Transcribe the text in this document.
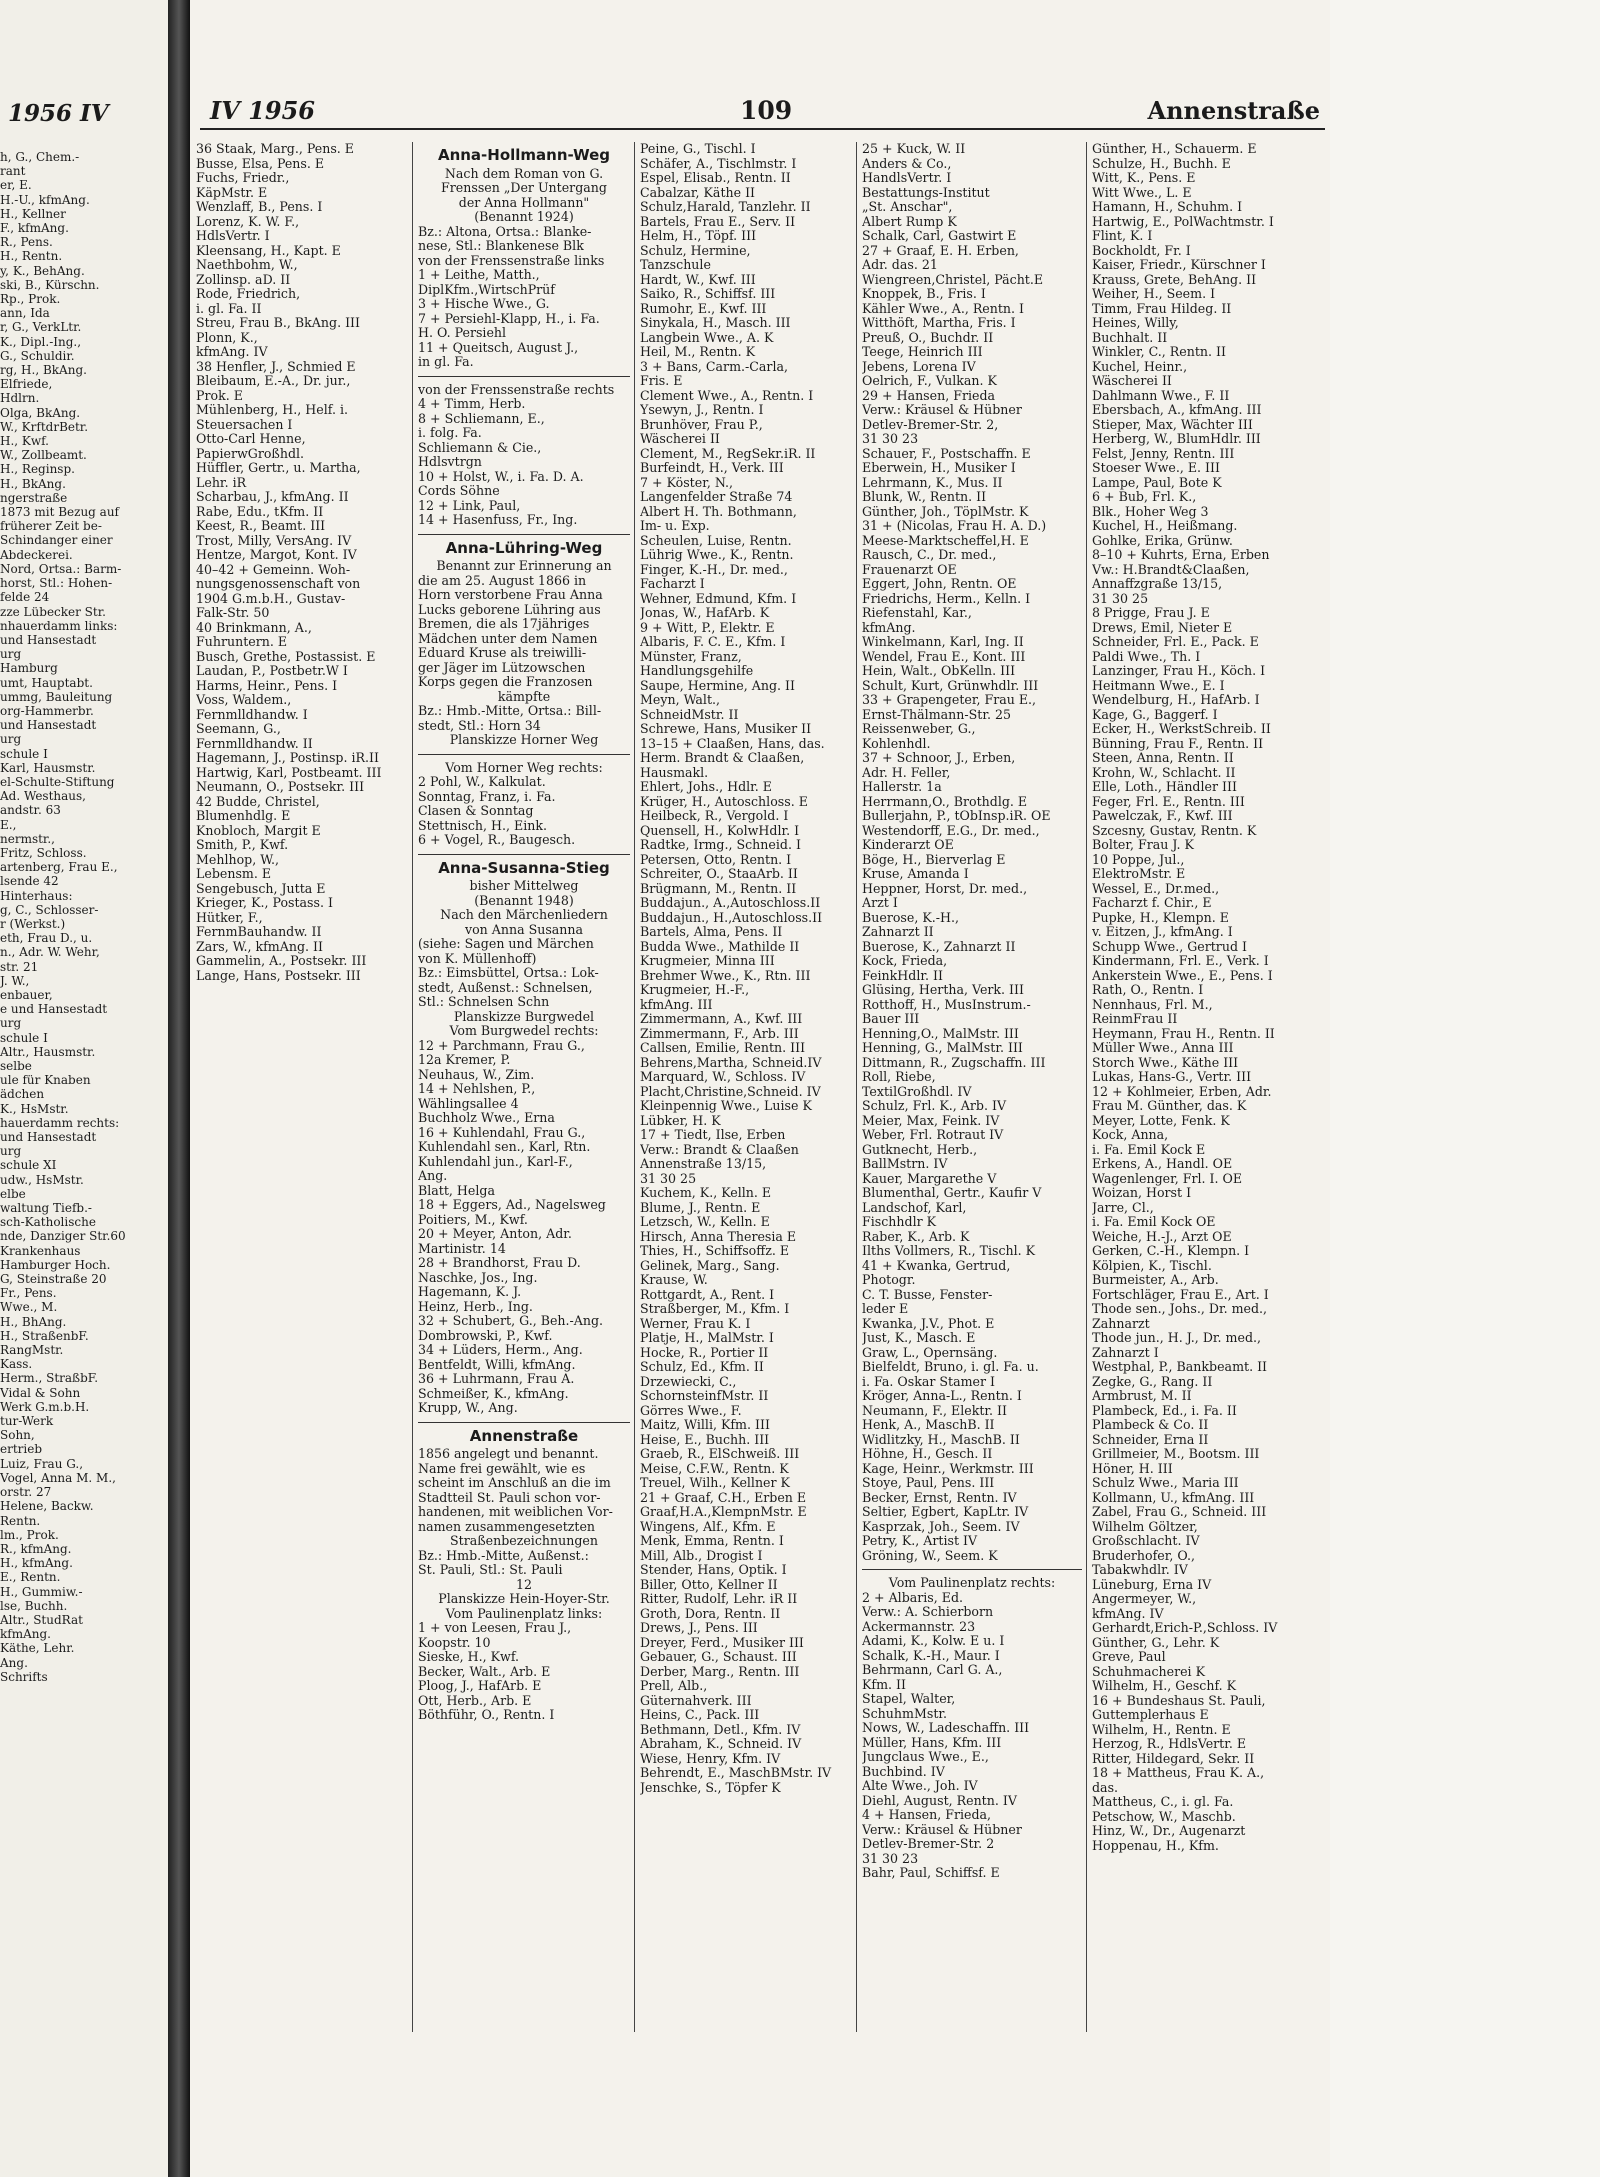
1956 IV
h, G., Chem.-
rant
er, E.
H.-U., kfmAng.
H., Kellner
F., kfmAng.
R., Pens.
H., Rentn.
y, K., BehAng.
ski, B., Kürschn.
Rp., Prok.
ann, Ida
r, G., VerkLtr.
K., Dipl.-Ing.,
G., Schuldir.
rg, H., BkAng.
Elfriede,
Hdlrn.
Olga, BkAng.
W., KrftdrBetr.
H., Kwf.
W., Zollbeamt.
H., Reginsp.
H., BkAng.
ngerstraße
1873 mit Bezug auf
früherer Zeit be-
Schindanger einer
Abdeckerei.
Nord, Ortsa.: Barm-
horst, Stl.: Hohen-
felde 24
zze Lübecker Str.
nhauerdamm links:
und Hansestadt
urg
Hamburg
umt, Hauptabt.
ummg, Bauleitung
org-Hammerbr.
und Hansestadt
urg
schule I
Karl, Hausmstr.
el-Schulte-Stiftung
Ad. Westhaus,
andstr. 63
E.,
nermstr.,
Fritz, Schloss.
artenberg, Frau E.,
lsende 42
Hinterhaus:
g, C., Schlosser-
r (Werkst.)
eth, Frau D., u.
n., Adr. W. Wehr,
str. 21
J. W.,
enbauer,
e und Hansestadt
urg
schule I
Altr., Hausmstr.
selbe
ule für Knaben
ädchen
K., HsMstr.
hauerdamm rechts:
und Hansestadt
urg
schule XI
udw., HsMstr.
elbe
waltung Tiefb.-
sch-Katholische
nde, Danziger Str.60
Krankenhaus
Hamburger Hoch.
G, Steinstraße 20
Fr., Pens.
Wwe., M.
H., BhAng.
H., StraßenbF.
RangMstr.
Kass.
Herm., StraßbF.
Vidal & Sohn
Werk G.m.b.H.
tur-Werk
Sohn,
ertrieb
Luiz, Frau G.,
Vogel, Anna M. M.,
orstr. 27
Helene, Backw.
Rentn.
lm., Prok.
R., kfmAng.
H., kfmAng.
E., Rentn.
H., Gummiw.-
lse, Buchh.
Altr., StudRat
kfmAng.
Käthe, Lehr.
Ang.
Schrifts
IV 1956	109	Annenstraße
36 Staak, Marg., Pens. E
Busse, Elsa, Pens. E
Fuchs, Friedr.,
KäpMstr. E
Wenzlaff, B., Pens. I
Lorenz, K. W. F.,
HdlsVertr. I
Kleensang, H., Kapt. E
Naethbohm, W.,
Zollinsp. aD. II
Rode, Friedrich,
i. gl. Fa. II
Streu, Frau B., BkAng. III
Plonn, K.,
kfmAng. IV
38 Henfler, J., Schmied E
Bleibaum, E.-A., Dr. jur.,
Prok. E
Mühlenberg, H., Helf. i.
Steuersachen I
Otto-Carl Henne,
PapierwGroßhdl.
Hüffler, Gertr., u. Martha,
Lehr. iR
Scharbau, J., kfmAng. II
Rabe, Edu., tKfm. II
Keest, R., Beamt. III
Trost, Milly, VersAng. IV
Hentze, Margot, Kont. IV
40–42 + Gemeinn. Woh-
nungsgenossenschaft von
1904 G.m.b.H., Gustav-
Falk-Str. 50
40 Brinkmann, A.,
Fuhruntern. E
Busch, Grethe, Postassist. E
Laudan, P., Postbetr.W I
Harms, Heinr., Pens. I
Voss, Waldem.,
Fernmlldhandw. I
Seemann, G.,
Fernmlldhandw. II
Hagemann, J., Postinsp. iR.II
Hartwig, Karl, Postbeamt. III
Neumann, O., Postsekr. III
42 Budde, Christel,
Blumenhdlg. E
Knobloch, Margit E
Smith, P., Kwf.
Mehlhop, W.,
Lebensm. E
Sengebusch, Jutta E
Krieger, K., Postass. I
Hütker, F.,
FernmBauhandw. II
Zars, W., kfmAng. II
Gammelin, A., Postsekr. III
Lange, Hans, Postsekr. III
Anna-Hollmann-Weg
Nach dem Roman von G.
Frenssen „Der Untergang
der Anna Hollmann"
(Benannt 1924)
Bz.: Altona, Ortsa.: Blanke-
nese, Stl.: Blankenese Blk
von der Frenssenstraße links
1 + Leithe, Matth.,
DiplKfm.,WirtschPrüf
3 + Hische Wwe., G.
7 + Persiehl-Klapp, H., i. Fa.
H. O. Persiehl
11 + Queitsch, August J.,
in gl. Fa.
von der Frenssenstraße rechts
4 + Timm, Herb.
8 + Schliemann, E.,
i. folg. Fa.
Schliemann & Cie.,
Hdlsvtrgn
10 + Holst, W., i. Fa. D. A.
Cords Söhne
12 + Link, Paul,
14 + Hasenfuss, Fr., Ing.
Anna-Lühring-Weg
Benannt zur Erinnerung an
die am 25. August 1866 in
Horn verstorbene Frau Anna
Lucks geborene Lühring aus
Bremen, die als 17jähriges
Mädchen unter dem Namen
Eduard Kruse als treiwilli-
ger Jäger im Lützowschen
Korps gegen die Franzosen
kämpfte
Bz.: Hmb.-Mitte, Ortsa.: Bill-
stedt, Stl.: Horn 34
Planskizze Horner Weg
Vom Horner Weg rechts:
2 Pohl, W., Kalkulat.
Sonntag, Franz, i. Fa.
Clasen & Sonntag
Stettnisch, H., Eink.
6 + Vogel, R., Baugesch.
Anna-Susanna-Stieg
bisher Mittelweg
(Benannt 1948)
Nach den Märchenliedern
von Anna Susanna
(siehe: Sagen und Märchen
von K. Müllenhoff)
Bz.: Eimsbüttel, Ortsa.: Lok-
stedt, Außenst.: Schnelsen,
Stl.: Schnelsen Schn
Planskizze Burgwedel
Vom Burgwedel rechts:
12 + Parchmann, Frau G.,
12a Kremer, P.
Neuhaus, W., Zim.
14 + Nehlshen, P.,
Wählingsallee 4
Buchholz Wwe., Erna
16 + Kuhlendahl, Frau G.,
Kuhlendahl sen., Karl, Rtn.
Kuhlendahl jun., Karl-F.,
Ang.
Blatt, Helga
18 + Eggers, Ad., Nagelsweg
Poitiers, M., Kwf.
20 + Meyer, Anton, Adr.
Martinistr. 14
28 + Brandhorst, Frau D.
Naschke, Jos., Ing.
Hagemann, K. J.
Heinz, Herb., Ing.
32 + Schubert, G., Beh.-Ang.
Dombrowski, P., Kwf.
34 + Lüders, Herm., Ang.
Bentfeldt, Willi, kfmAng.
36 + Luhrmann, Frau A.
Schmeißer, K., kfmAng.
Krupp, W., Ang.
Annenstraße
1856 angelegt und benannt.
Name frei gewählt, wie es
scheint im Anschluß an die im
Stadtteil St. Pauli schon vor-
handenen, mit weiblichen Vor-
namen zusammengesetzten
Straßenbezeichnungen
Bz.: Hmb.-Mitte, Außenst.:
St. Pauli, Stl.: St. Pauli
12
Planskizze Hein-Hoyer-Str.
Vom Paulinenplatz links:
1 + von Leesen, Frau J.,
Koopstr. 10
Sieske, H., Kwf.
Becker, Walt., Arb. E
Ploog, J., HafArb. E
Ott, Herb., Arb. E
Böthführ, O., Rentn. I
Peine, G., Tischl. I
Schäfer, A., Tischlmstr. I
Espel, Elisab., Rentn. II
Cabalzar, Käthe II
Schulz,Harald, Tanzlehr. II
Bartels, Frau E., Serv. II
Helm, H., Töpf. III
Schulz, Hermine,
Tanzschule
Hardt, W., Kwf. III
Saiko, R., Schiffsf. III
Rumohr, E., Kwf. III
Sinykala, H., Masch. III
Langbein Wwe., A. K
Heil, M., Rentn. K
3 + Bans, Carm.-Carla,
Fris. E
Clement Wwe., A., Rentn. I
Ysewyn, J., Rentn. I
Brunhöver, Frau P.,
Wäscherei II
Clement, M., RegSekr.iR. II
Burfeindt, H., Verk. III
7 + Köster, N.,
Langenfelder Straße 74
Albert H. Th. Bothmann,
Im- u. Exp.
Scheulen, Luise, Rentn.
Lührig Wwe., K., Rentn.
Finger, K.-H., Dr. med.,
Facharzt I
Wehner, Edmund, Kfm. I
Jonas, W., HafArb. K
9 + Witt, P., Elektr. E
Albaris, F. C. E., Kfm. I
Münster, Franz,
Handlungsgehilfe
Saupe, Hermine, Ang. II
Meyn, Walt.,
SchneidMstr. II
Schrewe, Hans, Musiker II
13–15 + Claaßen, Hans, das.
Herm. Brandt & Claaßen,
Hausmakl.
Ehlert, Johs., Hdlr. E
Krüger, H., Autoschloss. E
Heilbeck, R., Vergold. I
Quensell, H., KolwHdlr. I
Radtke, Irmg., Schneid. I
Petersen, Otto, Rentn. I
Schreiter, O., StaaArb. II
Brügmann, M., Rentn. II
Buddajun., A.,Autoschloss.II
Buddajun., H.,Autoschloss.II
Bartels, Alma, Pens. II
Budda Wwe., Mathilde II
Krugmeier, Minna III
Brehmer Wwe., K., Rtn. III
Krugmeier, H.-F.,
kfmAng. III
Zimmermann, A., Kwf. III
Zimmermann, F., Arb. III
Callsen, Emilie, Rentn. III
Behrens,Martha, Schneid.IV
Marquard, W., Schloss. IV
Placht,Christine,Schneid. IV
Kleinpennig Wwe., Luise K
Lübker, H. K
17 + Tiedt, Ilse, Erben
Verw.: Brandt & Claaßen
Annenstraße 13/15,
31 30 25
Kuchem, K., Kelln. E
Blume, J., Rentn. E
Letzsch, W., Kelln. E
Hirsch, Anna Theresia E
Thies, H., Schiffsoffz. E
Gelinek, Marg., Sang.
Krause, W.
Rottgardt, A., Rent. I
Straßberger, M., Kfm. I
Werner, Frau K. I
Platje, H., MalMstr. I
Hocke, R., Portier II
Schulz, Ed., Kfm. II
Drzewiecki, C.,
SchornsteinfMstr. II
Görres Wwe., F.
Maitz, Willi, Kfm. III
Heise, E., Buchh. III
Graeb, R., ElSchweiß. III
Meise, C.F.W., Rentn. K
Treuel, Wilh., Kellner K
21 + Graaf, C.H., Erben E
Graaf,H.A.,KlempnMstr. E
Wingens, Alf., Kfm. E
Menk, Emma, Rentn. I
Mill, Alb., Drogist I
Stender, Hans, Optik. I
Biller, Otto, Kellner II
Ritter, Rudolf, Lehr. iR II
Groth, Dora, Rentn. II
Drews, J., Pens. III
Dreyer, Ferd., Musiker III
Gebauer, G., Schaust. III
Derber, Marg., Rentn. III
Prell, Alb.,
Güternahverk. III
Heins, C., Pack. III
Bethmann, Detl., Kfm. IV
Abraham, K., Schneid. IV
Wiese, Henry, Kfm. IV
Behrendt, E., MaschBMstr. IV
Jenschke, S., Töpfer K
25 + Kuck, W. II
Anders & Co.,
HandlsVertr. I
Bestattungs-Institut
„St. Anschar",
Albert Rump K
Schalk, Carl, Gastwirt E
27 + Graaf, E. H. Erben,
Adr. das. 21
Wiengreen,Christel, Pächt.E
Knoppek, B., Fris. I
Kähler Wwe., A., Rentn. I
Witthöft, Martha, Fris. I
Preuß, O., Buchdr. II
Teege, Heinrich III
Jebens, Lorena IV
Oelrich, F., Vulkan. K
29 + Hansen, Frieda
Verw.: Kräusel & Hübner
Detlev-Bremer-Str. 2,
31 30 23
Schauer, F., Postschaffn. E
Eberwein, H., Musiker I
Lehrmann, K., Mus. II
Blunk, W., Rentn. II
Günther, Joh., TöplMstr. K
31 + (Nicolas, Frau H. A. D.)
Meese-Marktscheffel,H. E
Rausch, C., Dr. med.,
Frauenarzt OE
Eggert, John, Rentn. OE
Friedrichs, Herm., Kelln. I
Riefenstahl, Kar.,
kfmAng.
Winkelmann, Karl, Ing. II
Wendel, Frau E., Kont. III
Hein, Walt., ObKelln. III
Schult, Kurt, Grünwhdlr. III
33 + Grapengeter, Frau E.,
Ernst-Thälmann-Str. 25
Reissenweber, G.,
Kohlenhdl.
37 + Schnoor, J., Erben,
Adr. H. Feller,
Hallerstr. 1a
Herrmann,O., Brothdlg. E
Bullerjahn, P., tObInsp.iR. OE
Westendorff, E.G., Dr. med.,
Kinderarzt OE
Böge, H., Bierverlag E
Kruse, Amanda I
Heppner, Horst, Dr. med.,
Arzt I
Buerose, K.-H.,
Zahnarzt II
Buerose, K., Zahnarzt II
Kock, Frieda,
FeinkHdlr. II
Glüsing, Hertha, Verk. III
Rotthoff, H., MusInstrum.-
Bauer III
Henning,O., MalMstr. III
Henning, G., MalMstr. III
Dittmann, R., Zugschaffn. III
Roll, Riebe,
TextilGroßhdl. IV
Schulz, Frl. K., Arb. IV
Meier, Max, Feink. IV
Weber, Frl. Rotraut IV
Gutknecht, Herb.,
BallMstrn. IV
Kauer, Margarethe V
Blumenthal, Gertr., Kaufir V
Landschof, Karl,
Fischhdlr K
Raber, K., Arb. K
Ilths Vollmers, R., Tischl. K
41 + Kwanka, Gertrud,
Photogr.
C. T. Busse, Fenster-
leder E
Kwanka, J.V., Phot. E
Just, K., Masch. E
Graw, L., Opernsäng.
Bielfeldt, Bruno, i. gl. Fa. u.
i. Fa. Oskar Stamer I
Kröger, Anna-L., Rentn. I
Neumann, F., Elektr. II
Henk, A., MaschB. II
Widlitzky, H., MaschB. II
Höhne, H., Gesch. II
Kage, Heinr., Werkmstr. III
Stoye, Paul, Pens. III
Becker, Ernst, Rentn. IV
Seltier, Egbert, KapLtr. IV
Kasprzak, Joh., Seem. IV
Petry, K., Artist IV
Gröning, W., Seem. K
Vom Paulinenplatz rechts:
2 + Albaris, Ed.
Verw.: A. Schierborn
Ackermannstr. 23
Adami, K., Kolw. E u. I
Schalk, K.-H., Maur. I
Behrmann, Carl G. A.,
Kfm. II
Stapel, Walter,
SchuhmMstr.
Nows, W., Ladeschaffn. III
Müller, Hans, Kfm. III
Jungclaus Wwe., E.,
Buchbind. IV
Alte Wwe., Joh. IV
Diehl, August, Rentn. IV
4 + Hansen, Frieda,
Verw.: Kräusel & Hübner
Detlev-Bremer-Str. 2
31 30 23
Bahr, Paul, Schiffsf. E
Günther, H., Schauerm. E
Schulze, H., Buchh. E
Witt, K., Pens. E
Witt Wwe., L. E
Hamann, H., Schuhm. I
Hartwig, E., PolWachtmstr. I
Flint, K. I
Bockholdt, Fr. I
Kaiser, Friedr., Kürschner I
Krauss, Grete, BehAng. II
Weiher, H., Seem. I
Timm, Frau Hildeg. II
Heines, Willy,
Buchhalt. II
Winkler, C., Rentn. II
Kuchel, Heinr.,
Wäscherei II
Dahlmann Wwe., F. II
Ebersbach, A., kfmAng. III
Stieper, Max, Wächter III
Herberg, W., BlumHdlr. III
Felst, Jenny, Rentn. III
Stoeser Wwe., E. III
Lampe, Paul, Bote K
6 + Bub, Frl. K.,
Blk., Hoher Weg 3
Kuchel, H., Heißmang.
Gohlke, Erika, Grünw.
8–10 + Kuhrts, Erna, Erben
Vw.: H.Brandt&Claaßen,
Annaffzgraße 13/15,
31 30 25
8 Prigge, Frau J. E
Drews, Emil, Nieter E
Schneider, Frl. E., Pack. E
Paldi Wwe., Th. I
Lanzinger, Frau H., Köch. I
Heitmann Wwe., E. I
Wendelburg, H., HafArb. I
Kage, G., Baggerf. I
Ecker, H., WerkstSchreib. II
Bünning, Frau F., Rentn. II
Steen, Anna, Rentn. II
Krohn, W., Schlacht. II
Elle, Loth., Händler III
Feger, Frl. E., Rentn. III
Pawelczak, F., Kwf. III
Szcesny, Gustav, Rentn. K
Bolter, Frau J. K
10 Poppe, Jul.,
ElektroMstr. E
Wessel, E., Dr.med.,
Facharzt f. Chir., E
Pupke, H., Klempn. E
v. Eitzen, J., kfmAng. I
Schupp Wwe., Gertrud I
Kindermann, Frl. E., Verk. I
Ankerstein Wwe., E., Pens. I
Rath, O., Rentn. I
Nennhaus, Frl. M.,
ReinmFrau II
Heymann, Frau H., Rentn. II
Müller Wwe., Anna III
Storch Wwe., Käthe III
Lukas, Hans-G., Vertr. III
12 + Kohlmeier, Erben, Adr.
Frau M. Günther, das. K
Meyer, Lotte, Fenk. K
Kock, Anna,
i. Fa. Emil Kock E
Erkens, A., Handl. OE
Wagenlenger, Frl. I. OE
Woizan, Horst I
Jarre, Cl.,
i. Fa. Emil Kock OE
Weiche, H.-J., Arzt OE
Gerken, C.-H., Klempn. I
Kölpien, K., Tischl.
Burmeister, A., Arb.
Fortschläger, Frau E., Art. I
Thode sen., Johs., Dr. med.,
Zahnarzt
Thode jun., H. J., Dr. med.,
Zahnarzt I
Westphal, P., Bankbeamt. II
Zegke, G., Rang. II
Armbrust, M. II
Plambeck, Ed., i. Fa. II
Plambeck & Co. II
Schneider, Erna II
Grillmeier, M., Bootsm. III
Höner, H. III
Schulz Wwe., Maria III
Kollmann, U., kfmAng. III
Zabel, Frau G., Schneid. III
Wilhelm Göltzer,
Großschlacht. IV
Bruderhofer, O.,
Tabakwhdlr. IV
Lüneburg, Erna IV
Angermeyer, W.,
kfmAng. IV
Gerhardt,Erich-P.,Schloss. IV
Günther, G., Lehr. K
Greve, Paul
Schuhmacherei K
Wilhelm, H., Geschf. K
16 + Bundeshaus St. Pauli,
Guttemplerhaus E
Wilhelm, H., Rentn. E
Herzog, R., HdlsVertr. E
Ritter, Hildegard, Sekr. II
18 + Mattheus, Frau K. A.,
das.
Mattheus, C., i. gl. Fa.
Petschow, W., Maschb.
Hinz, W., Dr., Augenarzt
Hoppenau, H., Kfm.
